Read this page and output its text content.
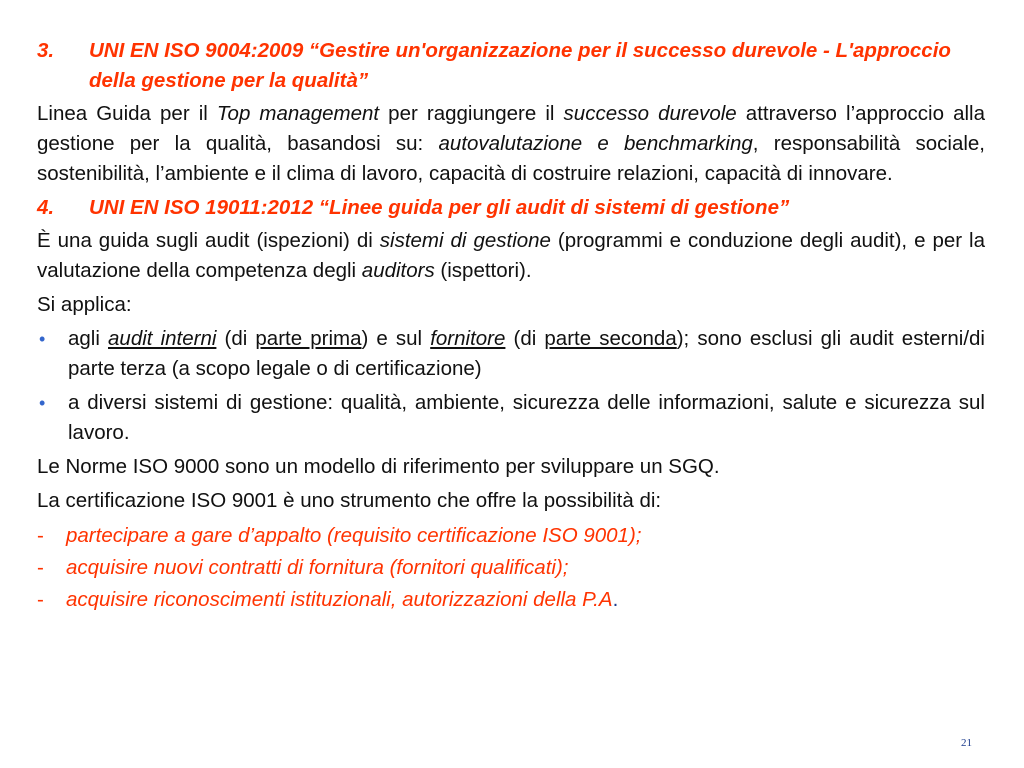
3.	UNI EN ISO 9004:2009 “Gestire un'organizzazione per il successo durevole - L'approccio della gestione per la qualità”

Linea Guida per il Top management per raggiungere il successo durevole attraverso l’approccio alla gestione per la qualità, basandosi su: autovalutazione e benchmarking, responsabilità sociale, sostenibilità, l’ambiente e il clima di lavoro, capacità di costruire relazioni, capacità di innovare.

4.	UNI EN ISO 19011:2012 “Linee guida per gli audit di sistemi di gestione”

È una guida sugli audit (ispezioni) di sistemi di gestione (programmi e conduzione degli audit), e per la valutazione della competenza degli auditors (ispettori).

Si applica:

•	agli audit interni (di parte prima) e sul fornitore (di parte seconda); sono esclusi gli audit esterni/di parte terza (a scopo legale o di certificazione)
•	a diversi sistemi di gestione: qualità, ambiente, sicurezza delle informazioni, salute e sicurezza sul lavoro.

Le Norme ISO 9000 sono un modello di riferimento per sviluppare un SGQ.

La certificazione ISO 9001 è uno strumento che offre la possibilità di:

-	partecipare a gare d’appalto (requisito certificazione ISO 9001);
-	acquisire nuovi contratti di fornitura (fornitori qualificati);
-	acquisire riconoscimenti istituzionali, autorizzazioni della P.A.
21
